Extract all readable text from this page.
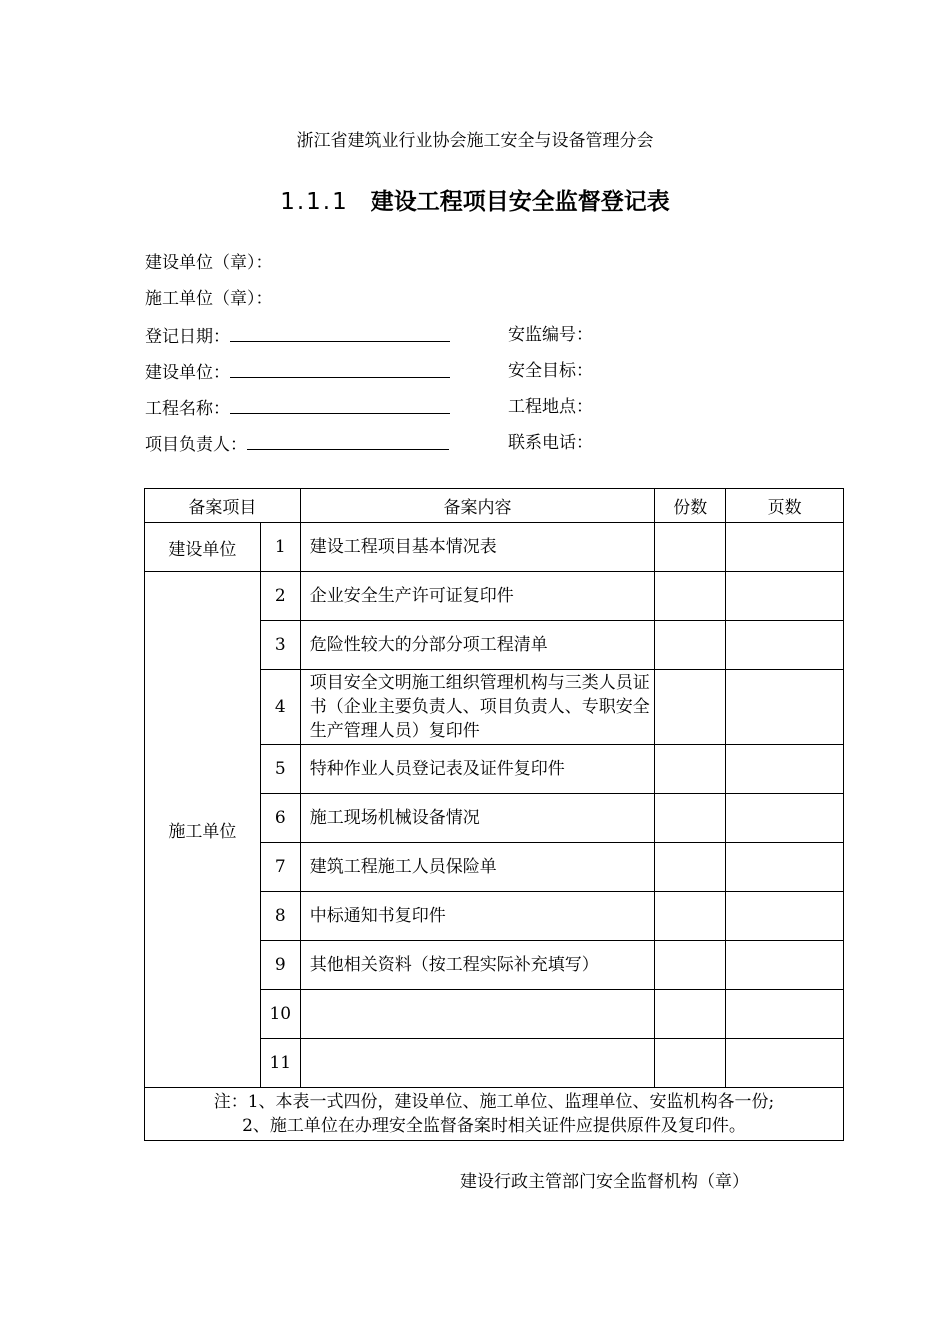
浙江省建筑业行业协会施工安全与设备管理分会
1.1.1 建设工程项目安全监督登记表
建设单位（章）：
施工单位（章）：
登记日期：	安监编号：
建设单位：	安全目标：
工程名称：	工程地点：
项目负责人：	联系电话：
备案项目		备案内容	份数	页数
建设单位	1	建设工程项目基本情况表		
施工单位	2	企业安全生产许可证复印件		
	3	危险性较大的分部分项工程清单		
	4	项目安全文明施工组织管理机构与三类人员证书（企业主要负责人、项目负责人、专职安全生产管理人员）复印件		
	5	特种作业人员登记表及证件复印件		
	6	施工现场机械设备情况		
	7	建筑工程施工人员保险单		
	8	中标通知书复印件		
	9	其他相关资料（按工程实际补充填写）		
	10			
	11			

注：1、本表一式四份，建设单位、施工单位、监理单位、安监机构各一份;
2、施工单位在办理安全监督备案时相关证件应提供原件及复印件。				
建设行政主管部门安全监督机构（章）
